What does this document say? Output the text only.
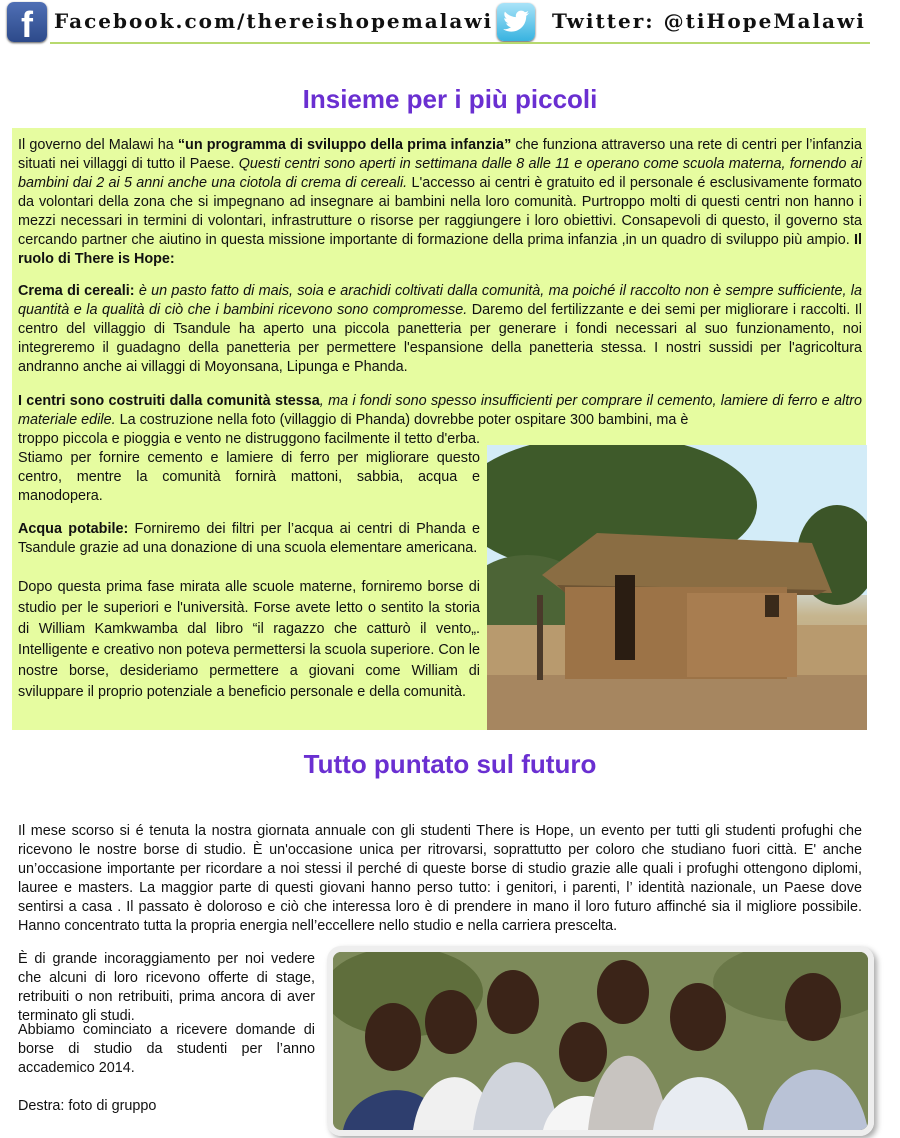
f Facebook.com/thereishopemalawi	Twitter: @tiHopeMalawi
Insieme per i più piccoli

Il governo del Malawi ha “un programma di sviluppo della prima infanzia” che funziona attraverso una rete di centri per l’infanzia situati nei villaggi di tutto il Paese. Questi centri sono aperti in settimana dalle 8 alle 11 e operano come scuola materna, fornendo ai bambini dai 2 ai 5 anni anche una ciotola di crema di cereali. L'accesso ai centri è gratuito ed il personale é esclusivamente formato da volontari della zona che si impegnano ad insegnare ai bambini nella loro comunità. Purtroppo molti di questi centri non hanno i mezzi necessari in termini di volontari, infrastrutture o risorse per raggiungere i loro obiettivi. Consapevoli di questo, il governo sta cercando partner che aiutino in questa missione importante di formazione della prima infanzia ,in un quadro di sviluppo più ampio. Il ruolo di There is Hope:

Crema di cereali: è un pasto fatto di mais, soia e arachidi coltivati dalla comunità, ma poiché il raccolto non è sempre sufficiente, la quantità e la qualità di ciò che i bambini ricevono sono compromesse. Daremo del fertilizzante e dei semi per migliorare i raccolti. Il centro del villaggio di Tsandule ha aperto una piccola panetteria per generare i fondi necessari al suo funzionamento, noi integreremo il guadagno della panetteria per permettere l'espansione della panetteria stessa. I nostri sussidi per l'agricoltura andranno anche ai villaggi di Moyonsana, Lipunga e Phanda.

I centri sono costruiti dalla comunità stessa, ma i fondi sono spesso insufficienti per comprare il cemento, lamiere di ferro e altro materiale edile. La costruzione nella foto (villaggio di Phanda) dovrebbe poter ospitare 300 bambini, ma è

troppo piccola e pioggia e vento ne distruggono facilmente il tetto d'erba. Stiamo per fornire cemento e lamiere di ferro per migliorare questo centro, mentre la comunità fornirà mattoni, sabbia, acqua e manodopera.

Acqua potabile: Forniremo dei filtri per l’acqua ai centri di Phanda e Tsandule grazie ad una donazione di una scuola elementare americana.

Dopo questa prima fase mirata alle scuole materne, forniremo borse di studio per le superiori e l'università. Forse avete letto o sentito la storia di William Kamkwamba dal libro “il ragazzo che catturò il vento„. Intelligente e creativo non poteva permettersi la scuola superiore. Con le nostre borse, desideriamo permettere a giovani come William di sviluppare il proprio potenziale a beneficio personale e della comunità.

Tutto puntato sul futuro

Il mese scorso si é tenuta la nostra giornata annuale con gli studenti There is Hope, un evento per tutti gli studenti profughi che ricevono le nostre borse di studio. È un'occasione unica per ritrovarsi, soprattutto per coloro che studiano fuori città. E' anche un’occasione importante per ricordare a noi stessi il perché di queste borse di studio grazie alle quali i profughi ottengono diplomi, lauree e masters. La maggior parte di questi giovani hanno perso tutto: i genitori, i parenti, l’ identità nazionale, un Paese dove sentirsi a casa . Il passato è doloroso e ciò che interessa loro è di prendere in mano il loro futuro affinché sia il migliore possibile. Hanno concentrato tutta la propria energia nell’eccellere nello studio e nella carriera prescelta.

È di grande incoraggiamento per noi vedere che alcuni di loro ricevono offerte di stage, retribuiti o non retribuiti, prima ancora di aver terminato gli studi.

Abbiamo cominciato a ricevere domande di borse di studio da studenti per l’anno accademico 2014.

Destra: foto di gruppo
